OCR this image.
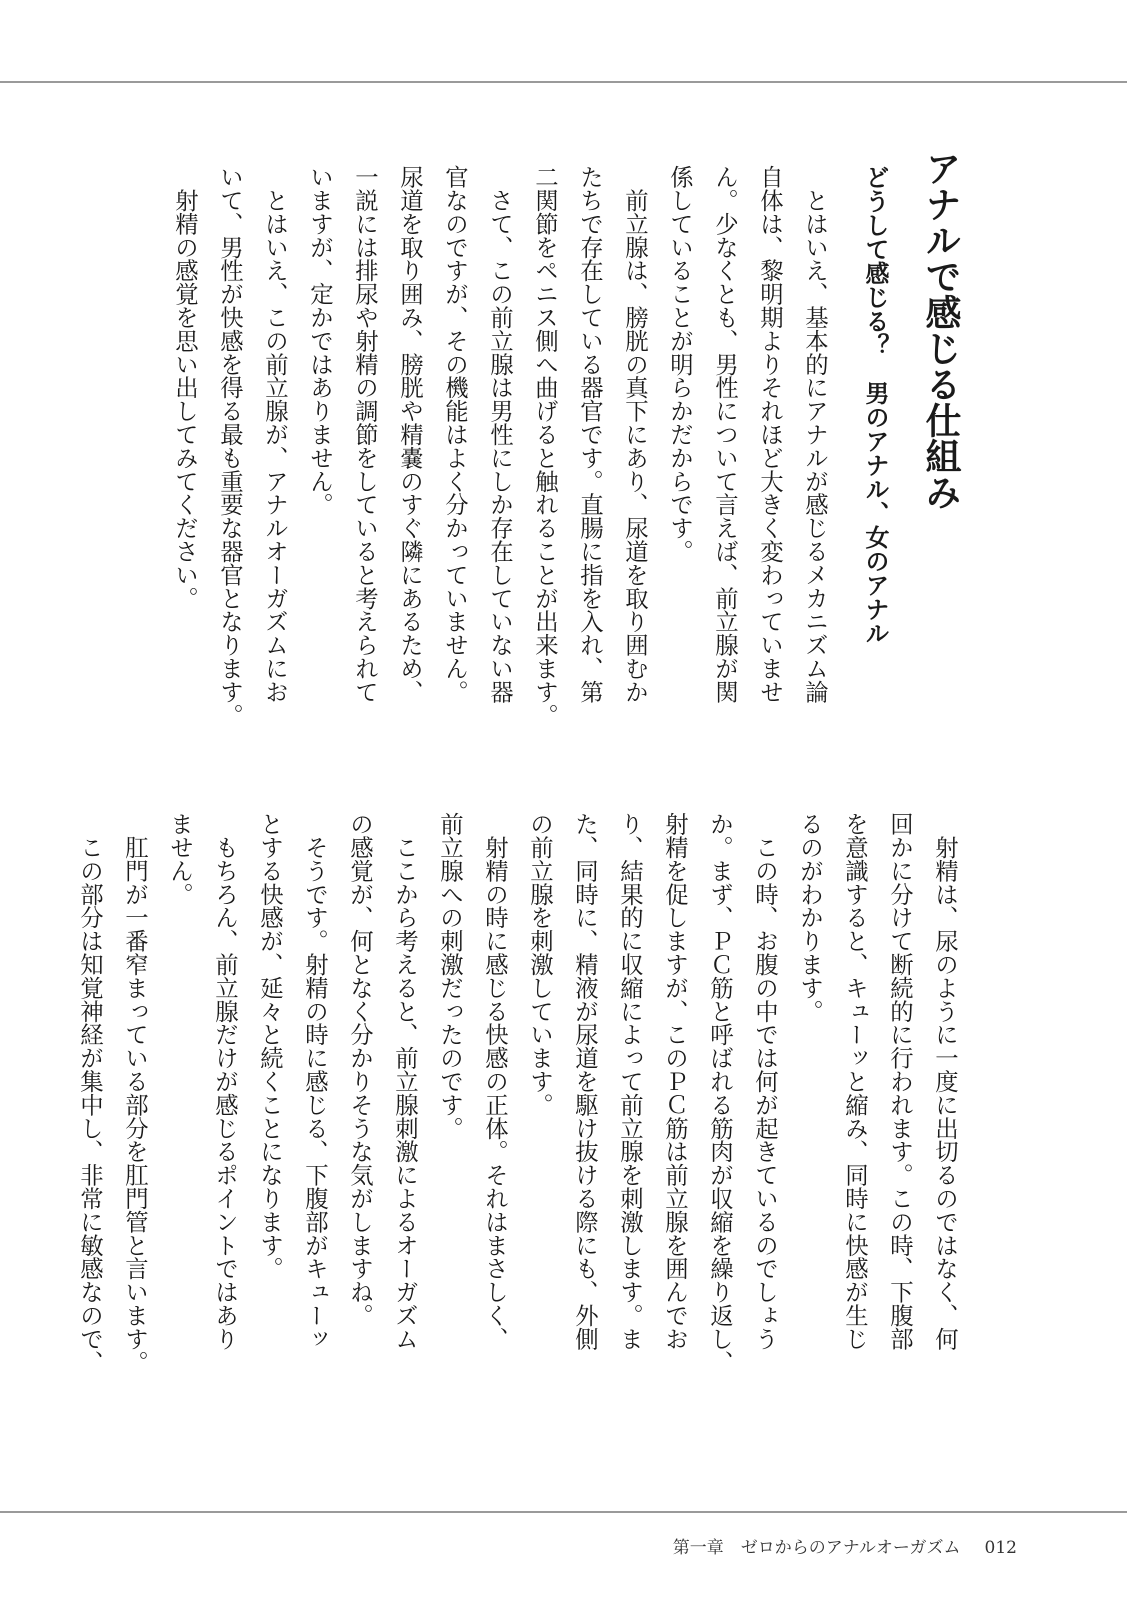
アナルで感じる仕組み
どうして感じる？　男のアナル、女のアナル
　とはいえ、基本的にアナルが感じるメカニズム論
自体は、黎明期よりそれほど大きく変わっていませ
ん。少なくとも、男性について言えば、前立腺が関
係していることが明らかだからです。
　前立腺は、膀胱の真下にあり、尿道を取り囲むか
たちで存在している器官です。直腸に指を入れ、第
二関節をペニス側へ曲げると触れることが出来ます。
　さて、この前立腺は男性にしか存在していない器
官なのですが、その機能はよく分かっていません。
尿道を取り囲み、膀胱や精嚢のすぐ隣にあるため、
一説には排尿や射精の調節をしていると考えられて
いますが、定かではありません。
　とはいえ、この前立腺が、アナルオーガズムにお
いて、男性が快感を得る最も重要な器官となります。
　射精の感覚を思い出してみてください。
　射精は、尿のように一度に出切るのではなく、何
回かに分けて断続的に行われます。この時、下腹部
を意識すると、キューッと縮み、同時に快感が生じ
るのがわかります。
　この時、お腹の中では何が起きているのでしょう
か。まず、ＰＣ筋と呼ばれる筋肉が収縮を繰り返し、
射精を促しますが、このＰＣ筋は前立腺を囲んでお
り、結果的に収縮によって前立腺を刺激します。ま
た、同時に、精液が尿道を駆け抜ける際にも、外側
の前立腺を刺激しています。
　射精の時に感じる快感の正体。それはまさしく、
前立腺への刺激だったのです。
　ここから考えると、前立腺刺激によるオーガズム
の感覚が、何となく分かりそうな気がしますね。
　そうです。射精の時に感じる、下腹部がキューッ
とする快感が、延々と続くことになります。
　もちろん、前立腺だけが感じるポイントではあり
ません。
　肛門が一番窄まっている部分を肛門管と言います。
　この部分は知覚神経が集中し、非常に敏感なので、
第一章　ゼロからのアナルオーガズム 012
